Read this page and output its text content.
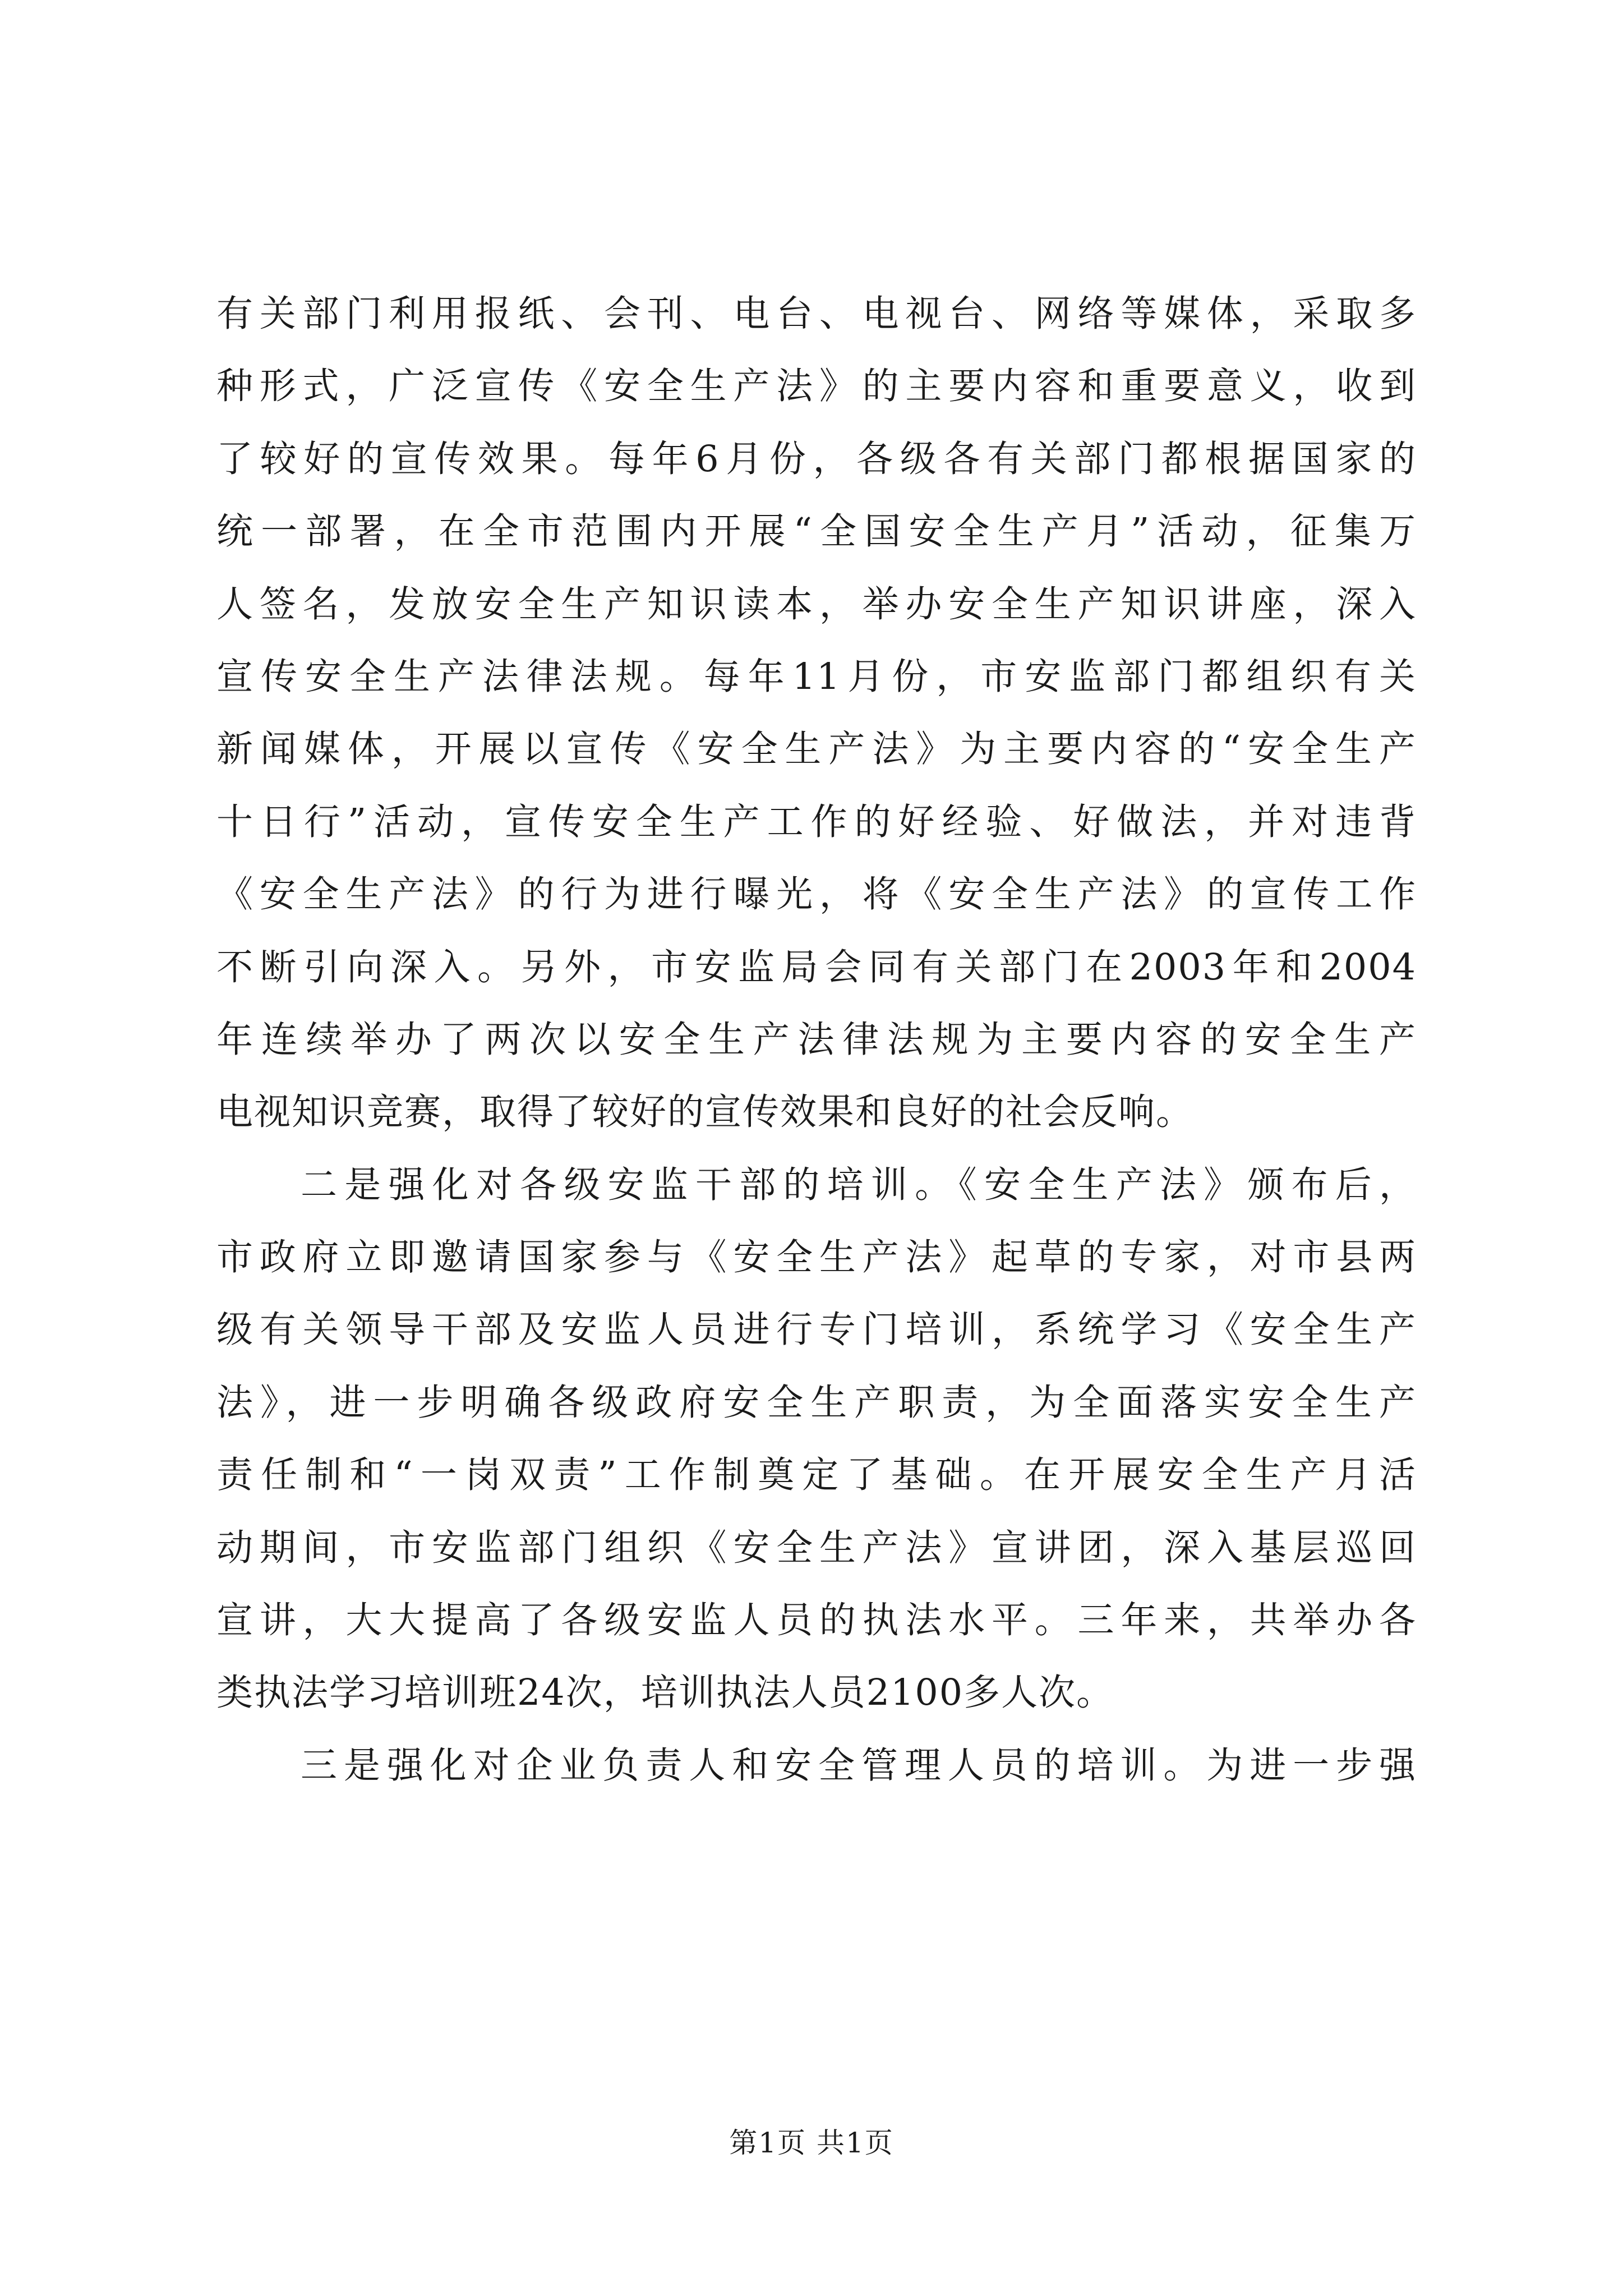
有关部门利用报纸、会刊、电台、电视台、网络等媒体，采取多
种形式，广泛宣传《安全生产法》的主要内容和重要意义，收到
了较好的宣传效果。每年6月份，各级各有关部门都根据国家的
统一部署，在全市范围内开展“全国安全生产月”活动，征集万
人签名，发放安全生产知识读本，举办安全生产知识讲座，深入
宣传安全生产法律法规。每年11月份，市安监部门都组织有关
新闻媒体，开展以宣传《安全生产法》为主要内容的“安全生产
十日行”活动，宣传安全生产工作的好经验、好做法，并对违背
《安全生产法》的行为进行曝光，将《安全生产法》的宣传工作
不断引向深入。另外，市安监局会同有关部门在2003年和2004
年连续举办了两次以安全生产法律法规为主要内容的安全生产
电视知识竞赛，取得了较好的宣传效果和良好的社会反响。
二是强化对各级安监干部的培训。《安全生产法》颁布后，
市政府立即邀请国家参与《安全生产法》起草的专家，对市县两
级有关领导干部及安监人员进行专门培训，系统学习《安全生产
法》，进一步明确各级政府安全生产职责，为全面落实安全生产
责任制和“一岗双责”工作制奠定了基础。在开展安全生产月活
动期间，市安监部门组织《安全生产法》宣讲团，深入基层巡回
宣讲，大大提高了各级安监人员的执法水平。三年来，共举办各
类执法学习培训班24次，培训执法人员2100多人次。
三是强化对企业负责人和安全管理人员的培训。为进一步强
第1页 共1页
